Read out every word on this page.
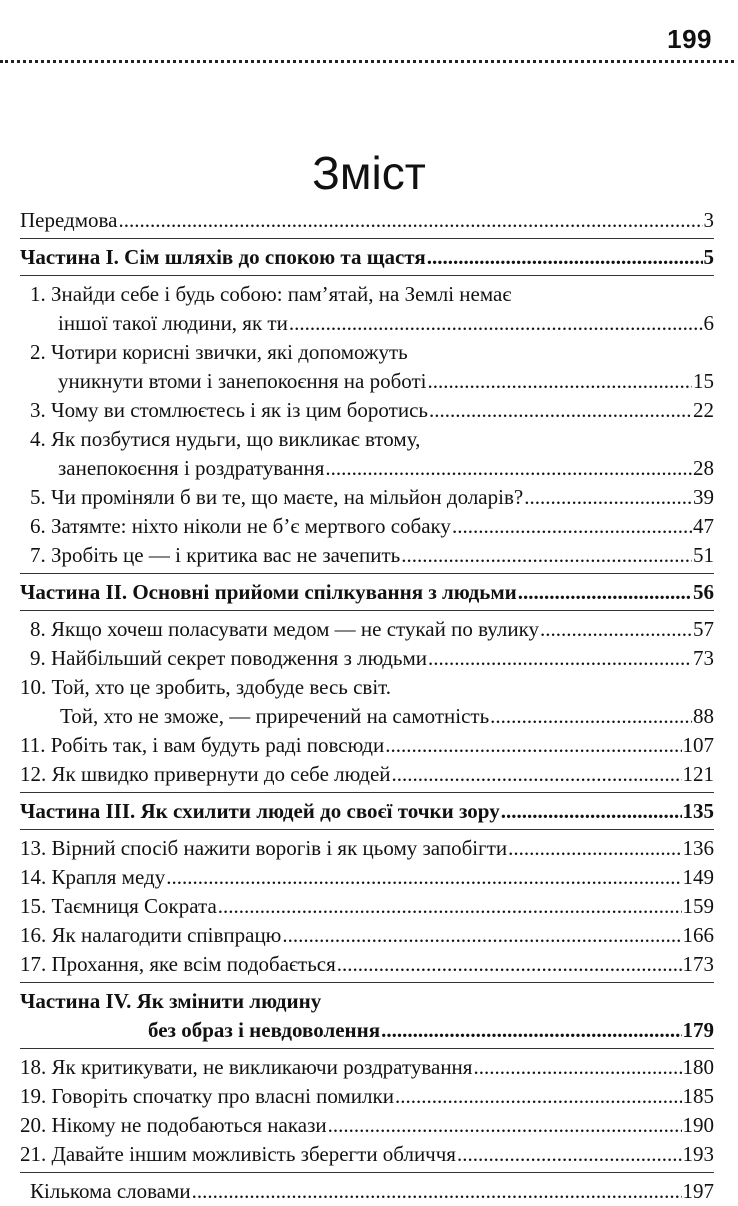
199
Зміст
Передмова .....	3
Частина І. Сім шляхів до спокою та щастя .....	5
1. Знайди себе і будь собою: пам’ятай, на Землі немає
іншої такої людини, як ти .....	6
2. Чотири корисні звички, які допоможуть
уникнути втоми і занепокоєння на роботі .....	15
3. Чому ви стомлюєтесь і як із цим боротись .....	22
4. Як позбутися нудьги, що викликає втому,
занепокоєння і роздратування .....	28
5. Чи проміняли б ви те, що маєте, на мільйон доларів? .....	39
6. Затямте: ніхто ніколи не б’є мертвого собаку .....	47
7. Зробіть це — і критика вас не зачепить .....	51
Частина II. Основні прийоми спілкування з людьми .....	56
8. Якщо хочеш поласувати медом — не стукай по вулику .....	57
9. Найбільший секрет поводження з людьми .....	73
10. Той, хто це зробить, здобуде весь світ.
Той, хто не зможе, — приречений на самотність .....	88
11. Робіть так, і вам будуть раді повсюди .....	107
12. Як швидко привернути до себе людей .....	121
Частина III. Як схилити людей до своєї точки зору .....	135
13. Вірний спосіб нажити ворогів і як цьому запобігти .....	136
14. Крапля меду .....	149
15. Таємниця Сократа .....	159
16. Як налагодити співпрацю .....	166
17. Прохання, яке всім подобається .....	173
Частина IV. Як змінити людину
без образ і невдоволення .....	179
18. Як критикувати, не викликаючи роздратування .....	180
19. Говоріть спочатку про власні помилки .....	185
20. Нікому не подобаються накази .....	190
21. Давайте іншим можливість зберегти обличчя .....	193
Кількома словами .....	197
